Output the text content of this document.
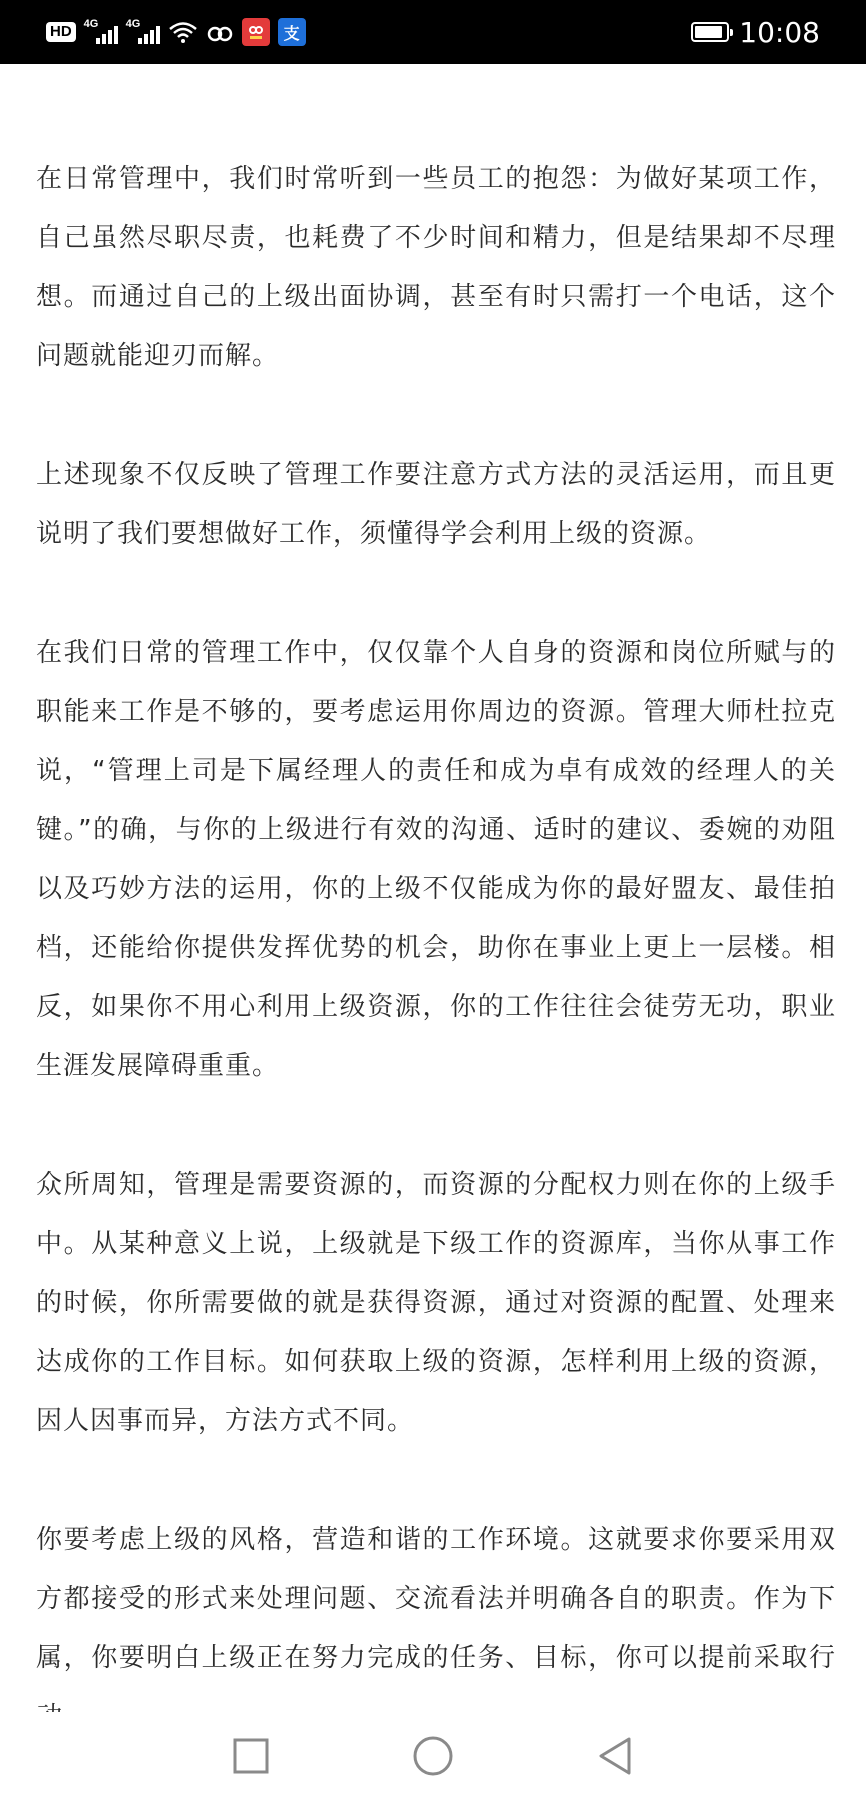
HD	4G 4G	支	10:08

在日常管理中，我们时常听到一些员工的抱怨：为做好某项工作，自己虽然尽职尽责，也耗费了不少时间和精力，但是结果却不尽理想。而通过自己的上级出面协调，甚至有时只需打一个电话，这个问题就能迎刃而解。

上述现象不仅反映了管理工作要注意方式方法的灵活运用，而且更说明了我们要想做好工作，须懂得学会利用上级的资源。

在我们日常的管理工作中，仅仅靠个人自身的资源和岗位所赋与的职能来工作是不够的，要考虑运用你周边的资源。管理大师杜拉克说，“管理上司是下属经理人的责任和成为卓有成效的经理人的关键。”的确，与你的上级进行有效的沟通、适时的建议、委婉的劝阻以及巧妙方法的运用，你的上级不仅能成为你的最好盟友、最佳拍档，还能给你提供发挥优势的机会，助你在事业上更上一层楼。相反，如果你不用心利用上级资源，你的工作往往会徒劳无功，职业生涯发展障碍重重。

众所周知，管理是需要资源的，而资源的分配权力则在你的上级手中。从某种意义上说，上级就是下级工作的资源库，当你从事工作的时候，你所需要做的就是获得资源，通过对资源的配置、处理来达成你的工作目标。如何获取上级的资源，怎样利用上级的资源，因人因事而异，方法方式不同。

你要考虑上级的风格，营造和谐的工作环境。这就要求你要采用双方都接受的形式来处理问题、交流看法并明确各自的职责。作为下属，你要明白上级正在努力完成的任务、目标，你可以提前采取行
